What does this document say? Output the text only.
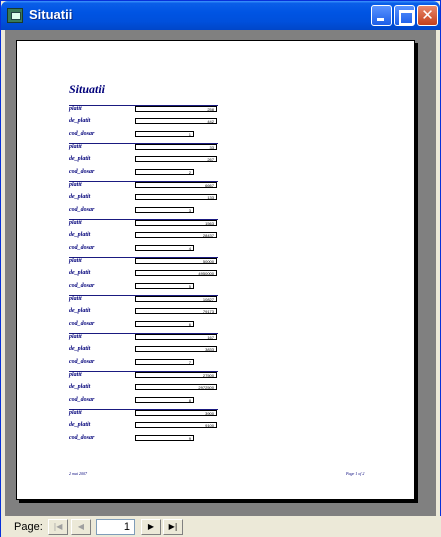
Situatii	✕
Situatii
platit	258
de_platit	442
cod_dosar	1
platit	33
de_platit	267
cod_dosar	2
platit	6667
de_platit	133
cod_dosar	3
platit	1563
de_platit	28437
cod_dosar	4
platit	50000
de_platit	4950000
cod_dosar	5
platit	10827
de_platit	79173
cod_dosar	6
platit	167
de_platit	3833
cod_dosar	7
platit	27500
de_platit	2972500
cod_dosar	8
platit	3900
de_platit	9100
cod_dosar	9
2 mai 2007	Page 1 of 2
Page:	|◀	◀	1	▶	▶|
